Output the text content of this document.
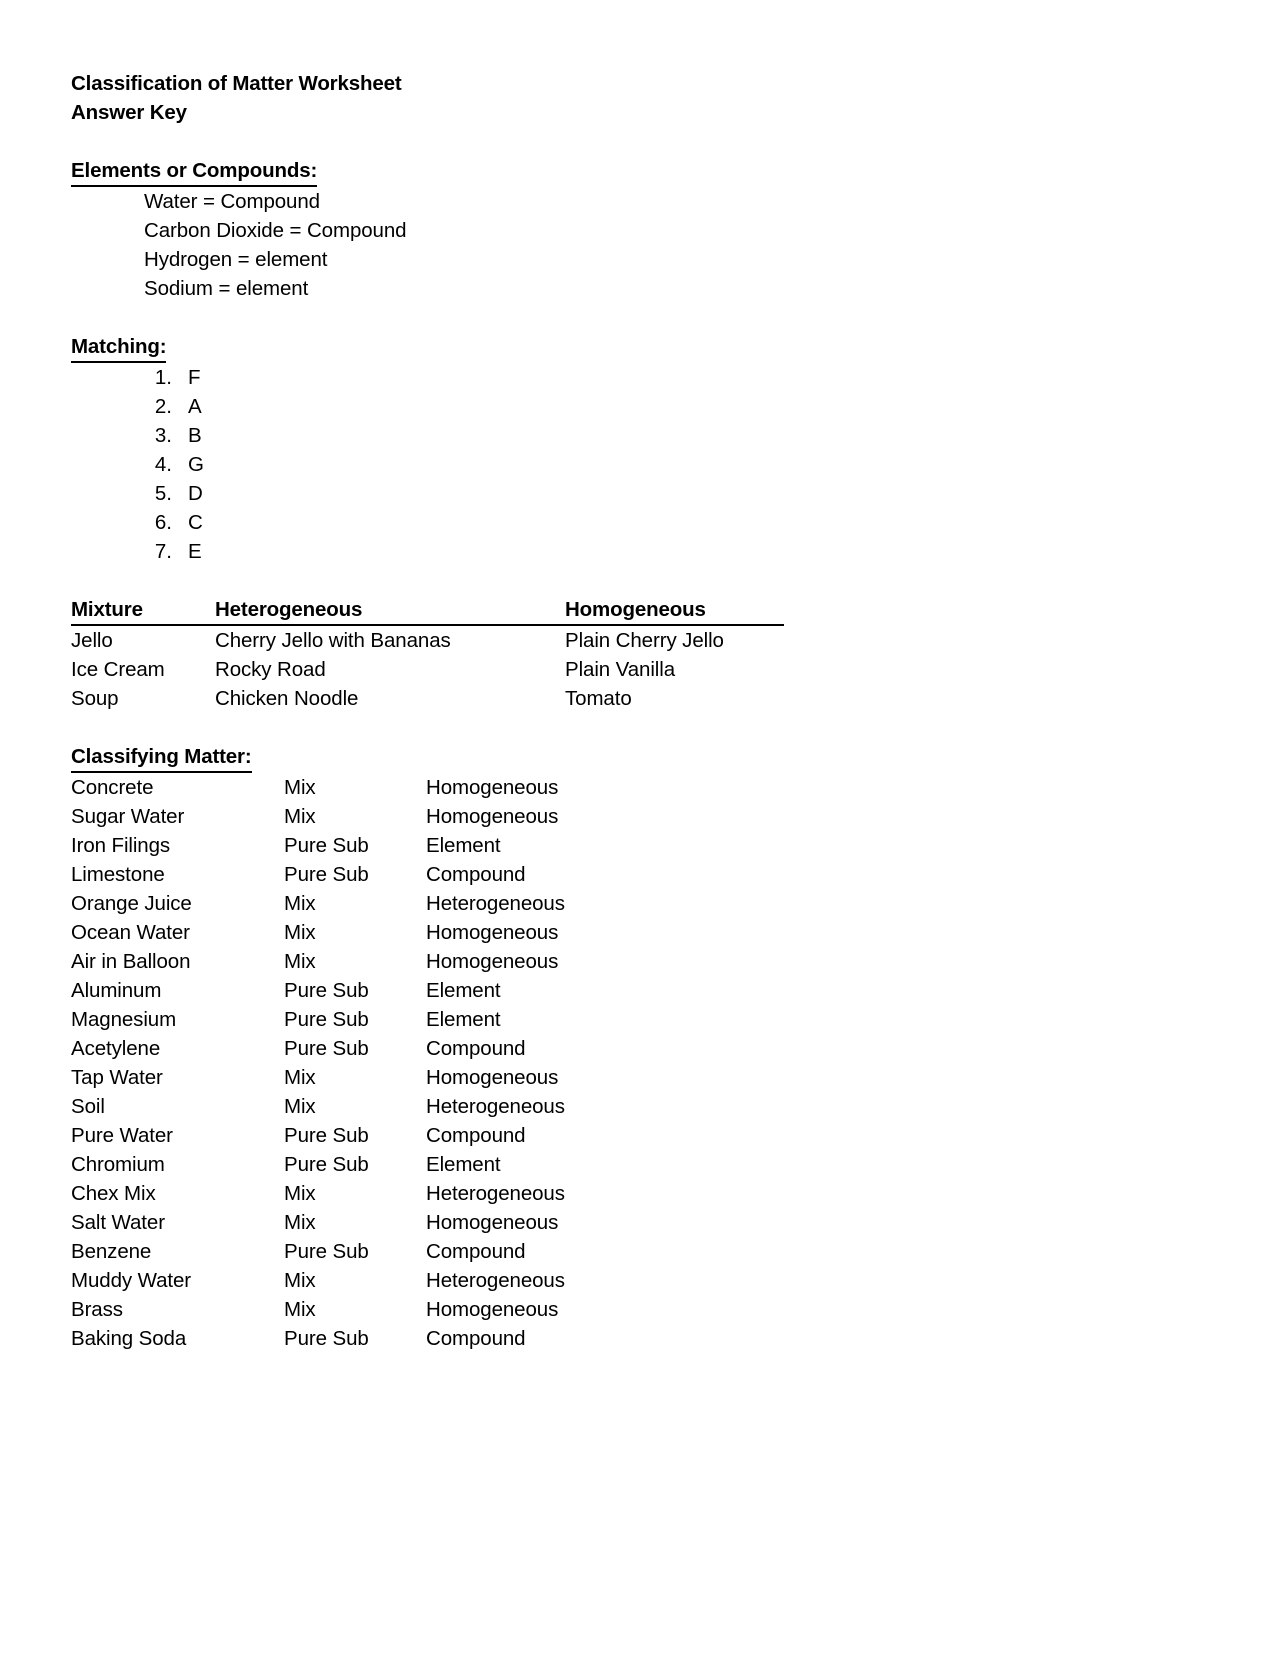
Classification of Matter Worksheet
Answer Key
Elements or Compounds:
Water = Compound
Carbon Dioxide = Compound
Hydrogen = element
Sodium = element
Matching:
1. F
2. A
3. B
4. G
5. D
6. C
7. E
Mixture	Heterogeneous	Homogeneous
Jello	Cherry Jello with Bananas	Plain Cherry Jello
Ice Cream	Rocky Road	Plain Vanilla
Soup	Chicken Noodle	Tomato
Classifying Matter:
Concrete	Mix	Homogeneous
Sugar Water	Mix	Homogeneous
Iron Filings	Pure Sub	Element
Limestone	Pure Sub	Compound
Orange Juice	Mix	Heterogeneous
Ocean Water	Mix	Homogeneous
Air in Balloon	Mix	Homogeneous
Aluminum	Pure Sub	Element
Magnesium	Pure Sub	Element
Acetylene	Pure Sub	Compound
Tap Water	Mix	Homogeneous
Soil	Mix	Heterogeneous
Pure Water	Pure Sub	Compound
Chromium	Pure Sub	Element
Chex Mix	Mix	Heterogeneous
Salt Water	Mix	Homogeneous
Benzene	Pure Sub	Compound
Muddy Water	Mix	Heterogeneous
Brass	Mix	Homogeneous
Baking Soda	Pure Sub	Compound
